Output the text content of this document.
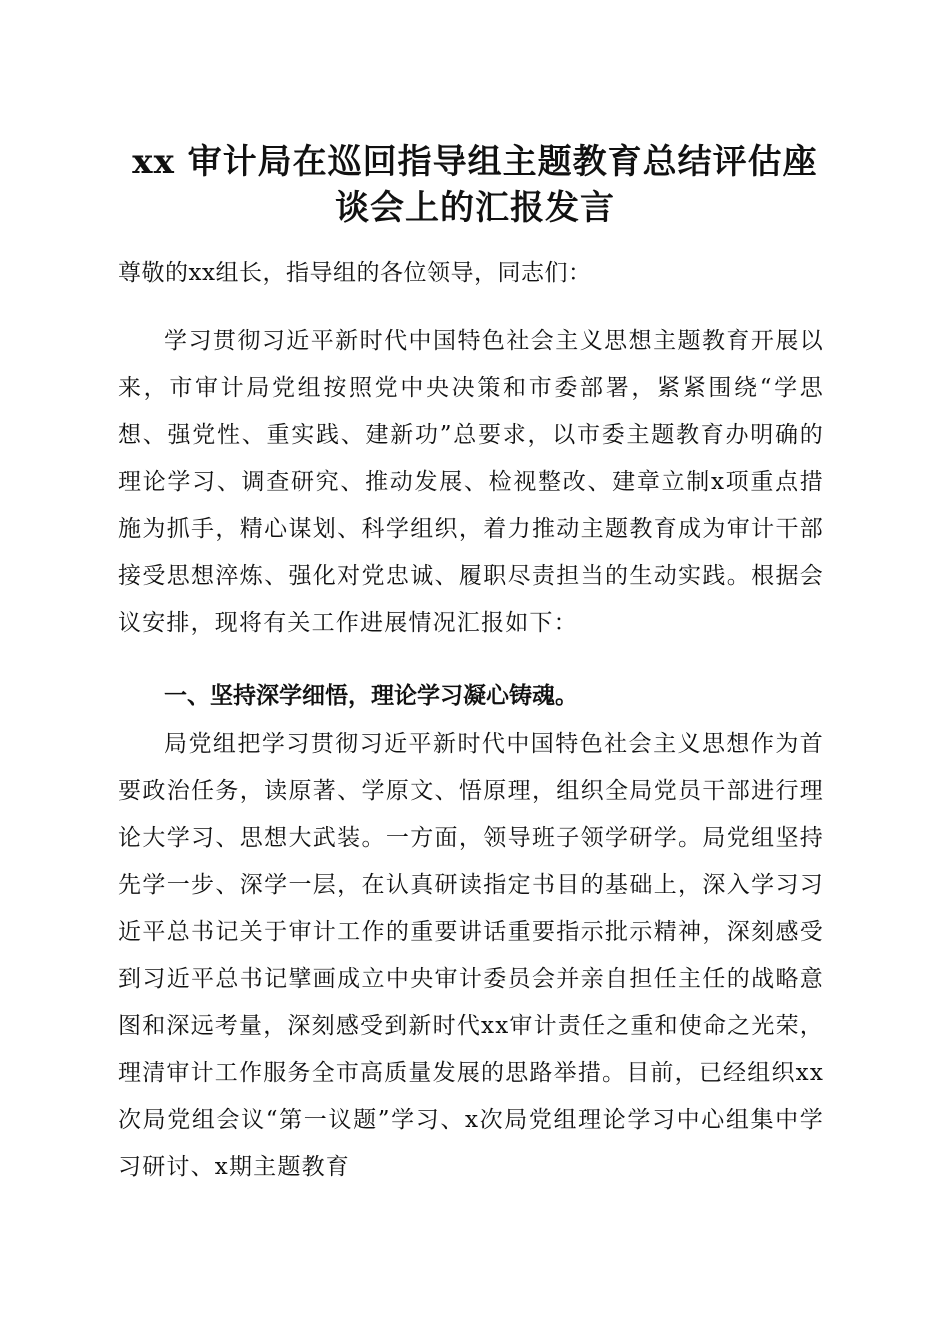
xx 审计局在巡回指导组主题教育总结评估座
谈会上的汇报发言
尊敬的xx组长，指导组的各位领导，同志们：
学习贯彻习近平新时代中国特色社会主义思想主题教育开展以来，市审计局党组按照党中央决策和市委部署，紧紧围绕“学思想、强党性、重实践、建新功”总要求，以市委主题教育办明确的理论学习、调查研究、推动发展、检视整改、建章立制x项重点措施为抓手，精心谋划、科学组织，着力推动主题教育成为审计干部接受思想淬炼、强化对党忠诚、履职尽责担当的生动实践。根据会议安排，现将有关工作进展情况汇报如下：
一、坚持深学细悟，理论学习凝心铸魂。
局党组把学习贯彻习近平新时代中国特色社会主义思想作为首要政治任务，读原著、学原文、悟原理，组织全局党员干部进行理论大学习、思想大武装。一方面，领导班子领学研学。局党组坚持先学一步、深学一层，在认真研读指定书目的基础上，深入学习习近平总书记关于审计工作的重要讲话重要指示批示精神，深刻感受到习近平总书记擘画成立中央审计委员会并亲自担任主任的战略意图和深远考量，深刻感受到新时代xx审计责任之重和使命之光荣，理清审计工作服务全市高质量发展的思路举措。目前，已经组织xx次局党组会议“第一议题”学习、x次局党组理论学习中心组集中学习研讨、x期主题教育
